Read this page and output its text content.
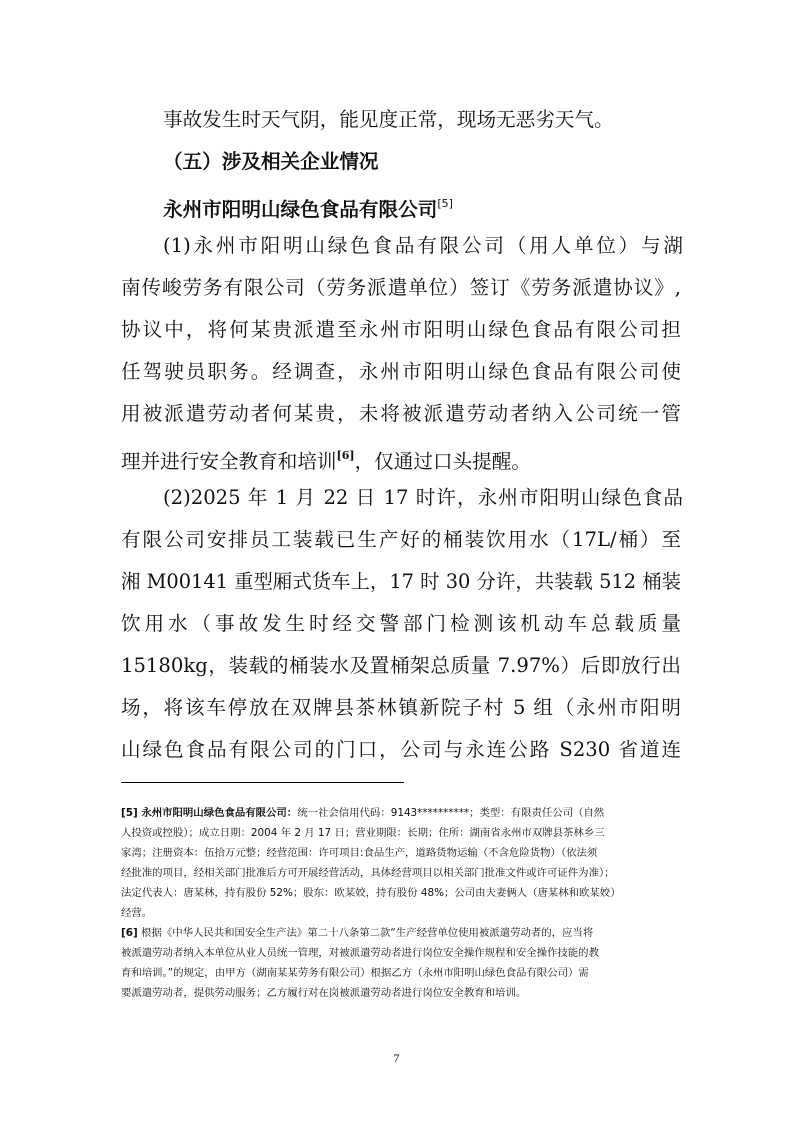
事故发生时天气阴，能见度正常，现场无恶劣天气。
（五）涉及相关企业情况
永州市阳明山绿色食品有限公司[5]
(1)永州市阳明山绿色食品有限公司（用人单位）与湖
南传峻劳务有限公司（劳务派遣单位）签订《劳务派遣协议》,
协议中，将何某贵派遣至永州市阳明山绿色食品有限公司担
任驾驶员职务。经调查，永州市阳明山绿色食品有限公司使
用被派遣劳动者何某贵，未将被派遣劳动者纳入公司统一管
理并进行安全教育和培训[6]，仅通过口头提醒。
(2)2025 年 1 月 22 日 17 时许，永州市阳明山绿色食品
有限公司安排员工装载已生产好的桶装饮用水（17L/桶）至
湘 M00141 重型厢式货车上，17 时 30 分许，共装载 512 桶装
饮用水（事故发生时经交警部门检测该机动车总载质量
15180kg，装载的桶装水及置桶架总质量 7.97%）后即放行出
场，将该车停放在双牌县茶林镇新院子村 5 组（永州市阳明
山绿色食品有限公司的门口，公司与永连公路 S230 省道连
[5] 永州市阳明山绿色食品有限公司：统一社会信用代码：9143**********；类型：有限责任公司（自然
人投资或控股）；成立日期：2004 年 2 月 17 日；营业期限：长期；住所：湖南省永州市双牌县茶林乡三
家湾；注册资本：伍拾万元整；经营范围：许可项目:食品生产，道路货物运输（不含危险货物）（依法须
经批准的项目，经相关部门批准后方可开展经营活动，具体经营项目以相关部门批准文件或许可证件为准）；
法定代表人：唐某林，持有股份 52%；股东：欧某姣，持有股份 48%；公司由夫妻俩人（唐某林和欧某姣）
经营。
[6] 根据《中华人民共和国安全生产法》第二十八条第二款“生产经营单位使用被派遣劳动者的，应当将
被派遣劳动者纳入本单位从业人员统一管理，对被派遣劳动者进行岗位安全操作规程和安全操作技能的教
育和培训。”的规定，由甲方（湖南某某劳务有限公司）根据乙方（永州市阳明山绿色食品有限公司）需
要派遣劳动者，提供劳动服务；乙方履行对在岗被派遣劳动者进行岗位安全教育和培训。
7
